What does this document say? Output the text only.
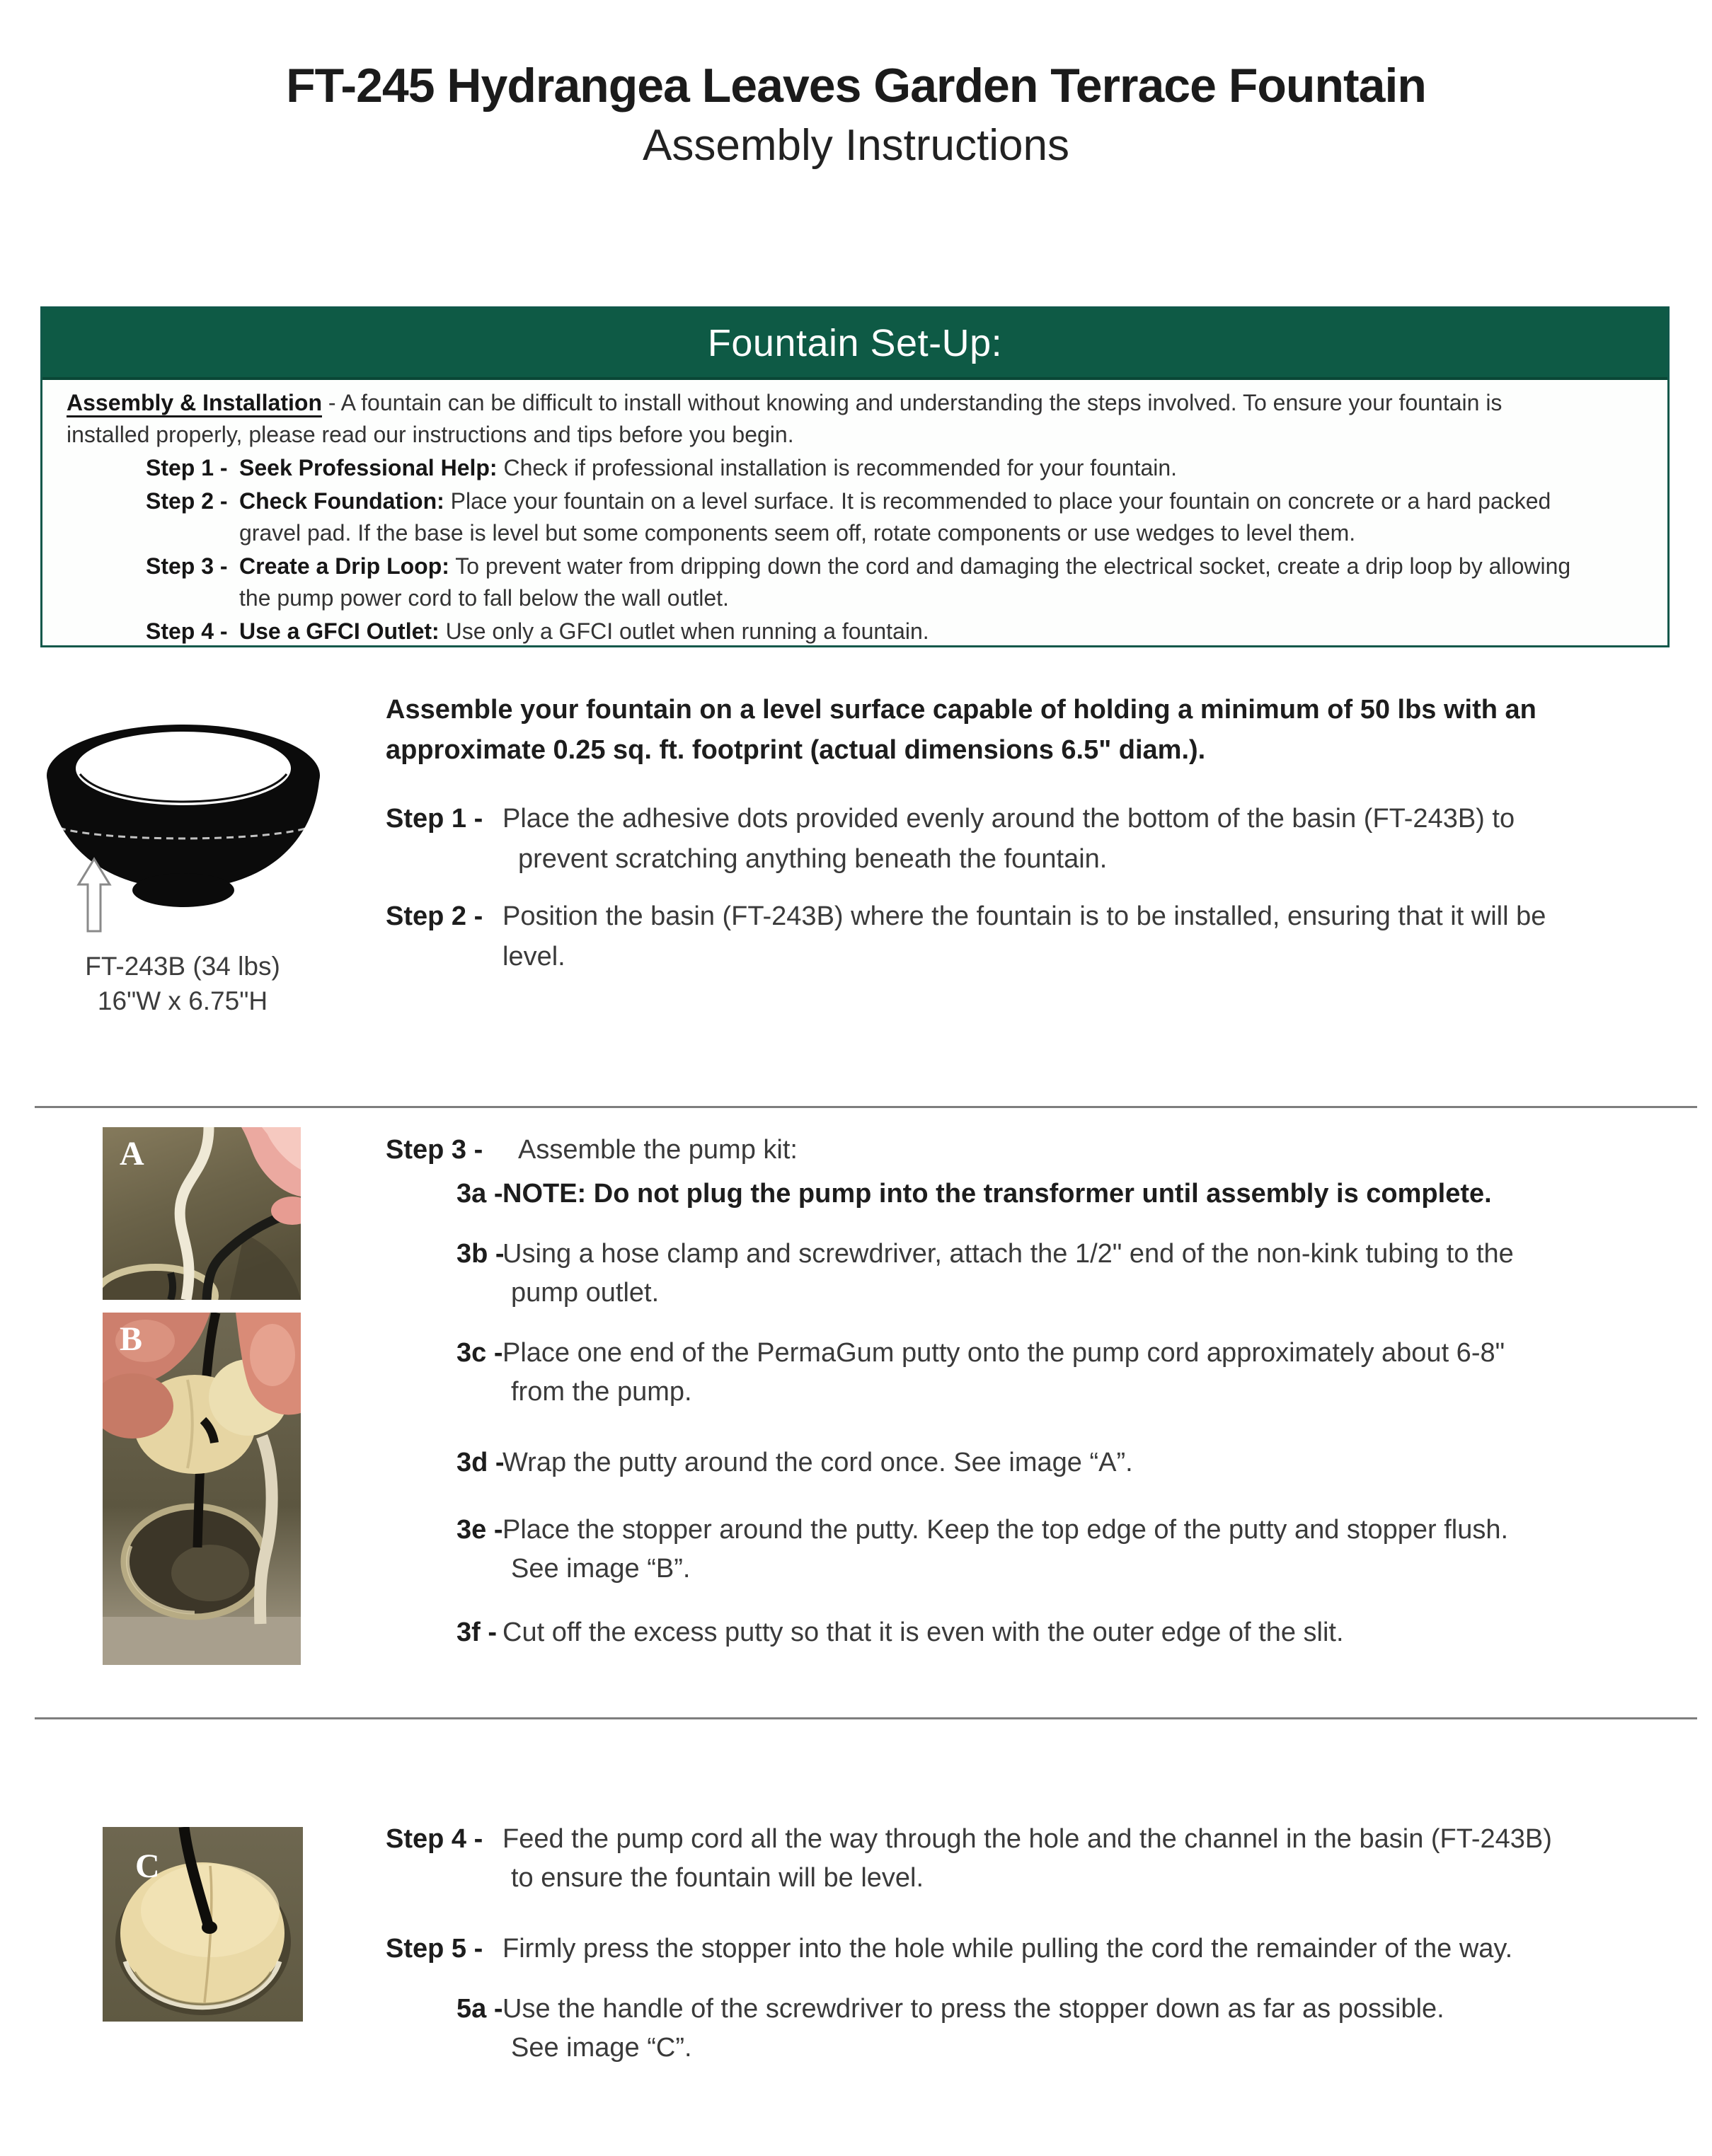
FT-245 Hydrangea Leaves Garden Terrace Fountain
Assembly Instructions
Fountain Set-Up:

Assembly & Installation - A fountain can be difficult to install without knowing and understanding the steps involved. To ensure your fountain is
installed properly, please read our instructions and tips before you begin.

Step 1 - Seek Professional Help: Check if professional installation is recommended for your fountain.
Step 2 - Check Foundation: Place your fountain on a level surface. It is recommended to place your fountain on concrete or a hard packed
gravel pad. If the base is level but some components seem off, rotate components or use wedges to level them.
Step 3 - Create a Drip Loop: To prevent water from dripping down the cord and damaging the electrical socket, create a drip loop by allowing
the pump power cord to fall below the wall outlet.
Step 4 - Use a GFCI Outlet: Use only a GFCI outlet when running a fountain.
FT-243B (34 lbs)
16"W x 6.75"H
Assemble your fountain on a level surface capable of holding a minimum of 50 lbs with an
approximate 0.25 sq. ft. footprint (actual dimensions 6.5" diam.).
Step 1 - Place the adhesive dots provided evenly around the bottom of the basin (FT-243B) to
prevent scratching anything beneath the fountain.
Step 2 - Position the basin (FT-243B) where the fountain is to be installed, ensuring that it will be
level.
A
B
Step 3 - Assemble the pump kit:
3a - NOTE: Do not plug the pump into the transformer until assembly is complete.
3b -
Using a hose clamp and screwdriver, attach the 1/2" end of the non-kink tubing to the
pump outlet.
3c - Place one end of the PermaGum putty onto the pump cord approximately about 6-8"
from the pump.
3d -
Wrap the putty around the cord once. See image “A”.
3e - Place the stopper around the putty. Keep the top edge of the putty and stopper flush.
See image “B”.
3f - Cut off the excess putty so that it is even with the outer edge of the slit.
C
Step 4 - Feed the pump cord all the way through the hole and the channel in the basin (FT-243B)
to ensure the fountain will be level.
Step 5 - Firmly press the stopper into the hole while pulling the cord the remainder of the way.
5a - Use the handle of the screwdriver to press the stopper down as far as possible.
See image “C”.
